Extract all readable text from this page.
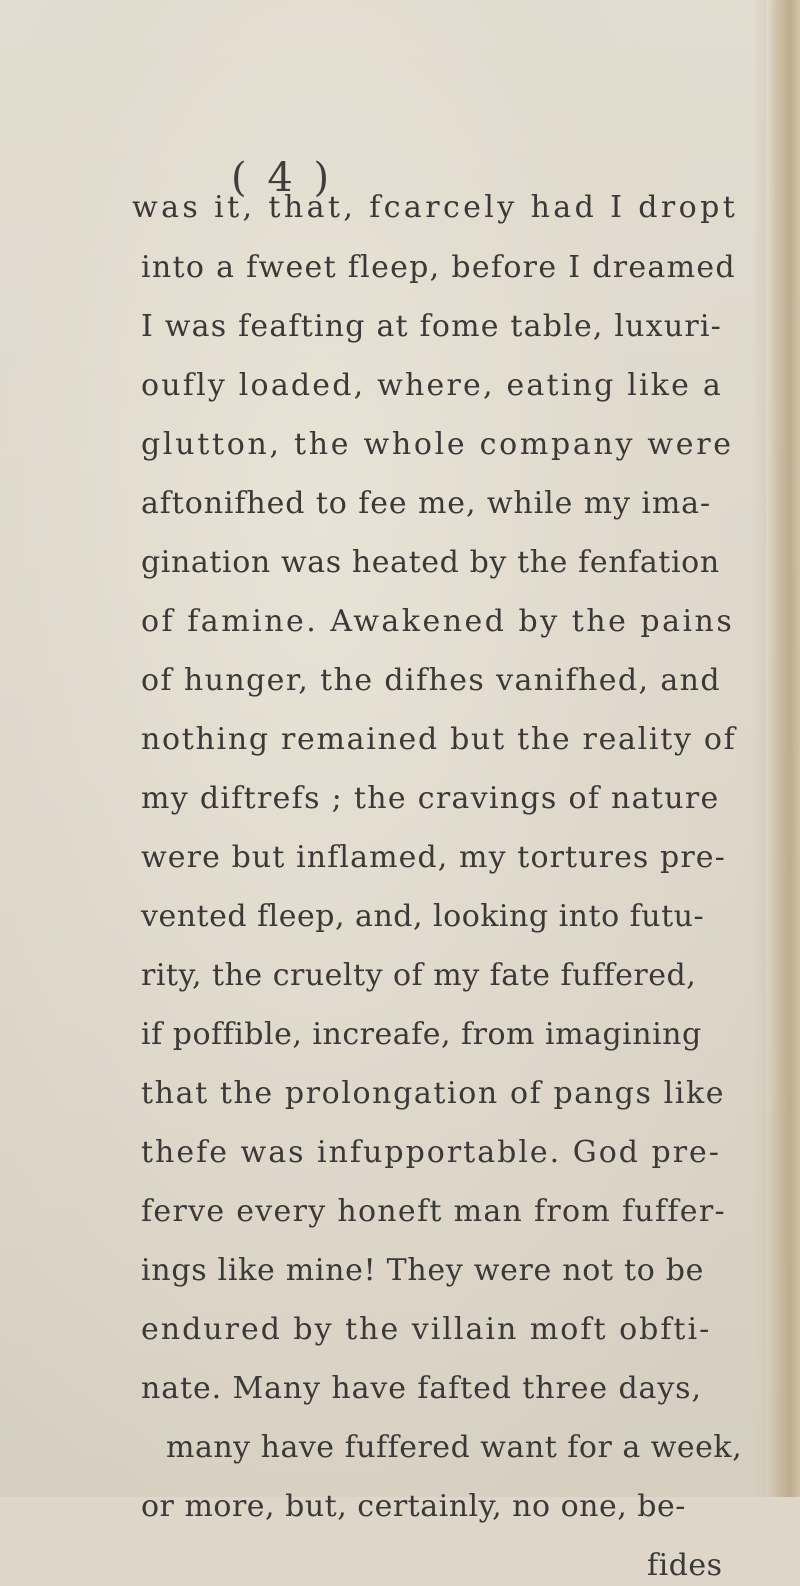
( 4 )

was it, that, fcarcely had I dropt

into a fweet fleep, before I dreamed

I was feafting at fome table, luxuri-

oufly loaded, where, eating like a

glutton, the whole company were

aftonifhed to fee me, while my ima-

gination was heated by the fenfation

of famine. Awakened by the pains

of hunger, the difhes vanifhed, and

nothing remained but the reality of

my diftrefs ; the cravings of nature

were but inflamed, my tortures pre-

vented fleep, and, looking into futu-

rity, the cruelty of my fate fuffered,

if poffible, increafe, from imagining

that the prolongation of pangs like

thefe was infupportable. God pre-

ferve every honeft man from fuffer-

ings like mine! They were not to be

endured by the villain moft obfti-

nate. Many have fafted three days,

many have fuffered want for a week,

or more, but, certainly, no one, be-

fides
